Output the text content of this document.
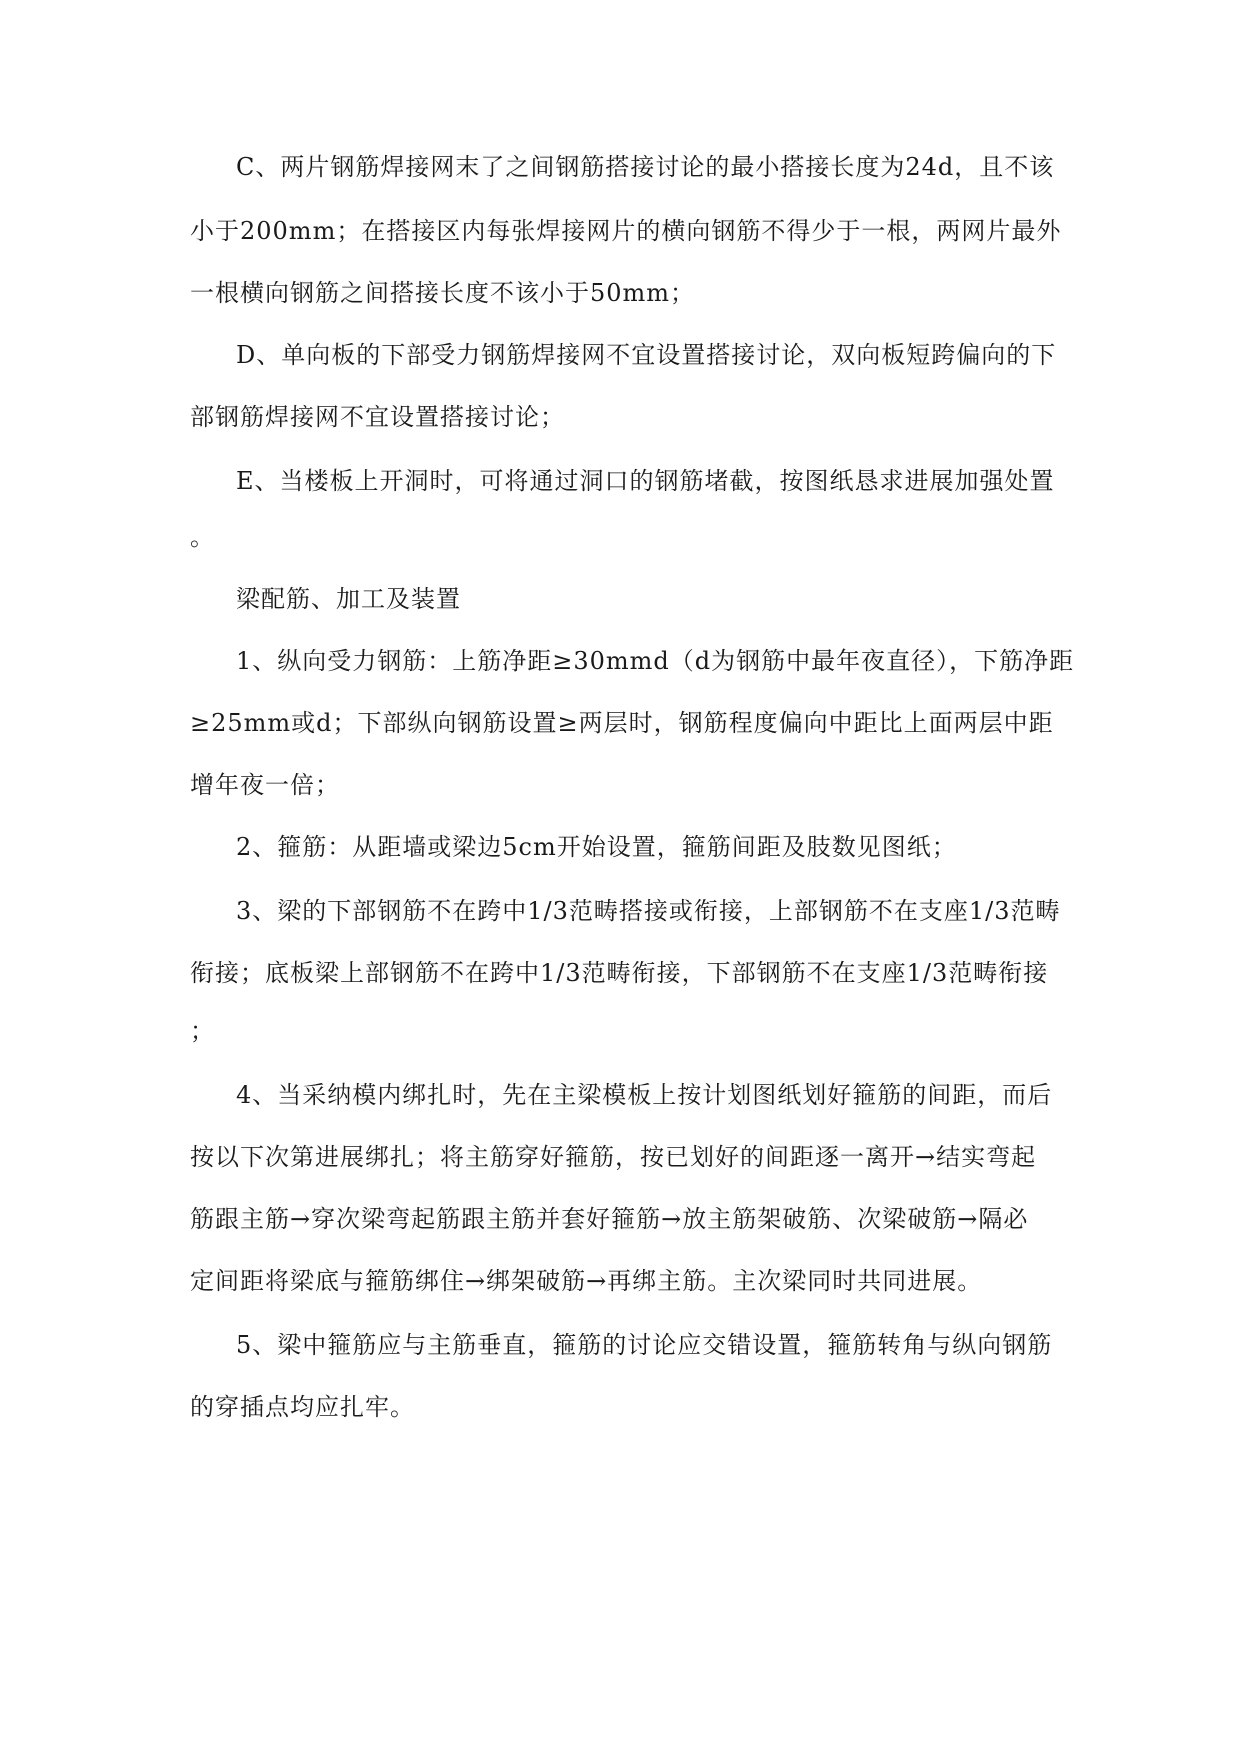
C、两片钢筋焊接网末了之间钢筋搭接讨论的最小搭接长度为24d，且不该
小于200mm；在搭接区内每张焊接网片的横向钢筋不得少于一根，两网片最外
一根横向钢筋之间搭接长度不该小于50mm；
D、单向板的下部受力钢筋焊接网不宜设置搭接讨论，双向板短跨偏向的下
部钢筋焊接网不宜设置搭接讨论；
E、当楼板上开洞时，可将通过洞口的钢筋堵截，按图纸恳求进展加强处置
。
梁配筋、加工及装置
1、纵向受力钢筋：上筋净距≥30mmd（d为钢筋中最年夜直径），下筋净距
≥25mm或d；下部纵向钢筋设置≥两层时，钢筋程度偏向中距比上面两层中距
增年夜一倍；
2、箍筋：从距墙或梁边5cm开始设置，箍筋间距及肢数见图纸；
3、梁的下部钢筋不在跨中1/3范畴搭接或衔接，上部钢筋不在支座1/3范畴
衔接；底板梁上部钢筋不在跨中1/3范畴衔接，下部钢筋不在支座1/3范畴衔接
；
4、当采纳模内绑扎时，先在主梁模板上按计划图纸划好箍筋的间距，而后
按以下次第进展绑扎；将主筋穿好箍筋，按已划好的间距逐一离开→结实弯起
筋跟主筋→穿次梁弯起筋跟主筋并套好箍筋→放主筋架破筋、次梁破筋→隔必
定间距将梁底与箍筋绑住→绑架破筋→再绑主筋。主次梁同时共同进展。
5、梁中箍筋应与主筋垂直，箍筋的讨论应交错设置，箍筋转角与纵向钢筋
的穿插点均应扎牢。
